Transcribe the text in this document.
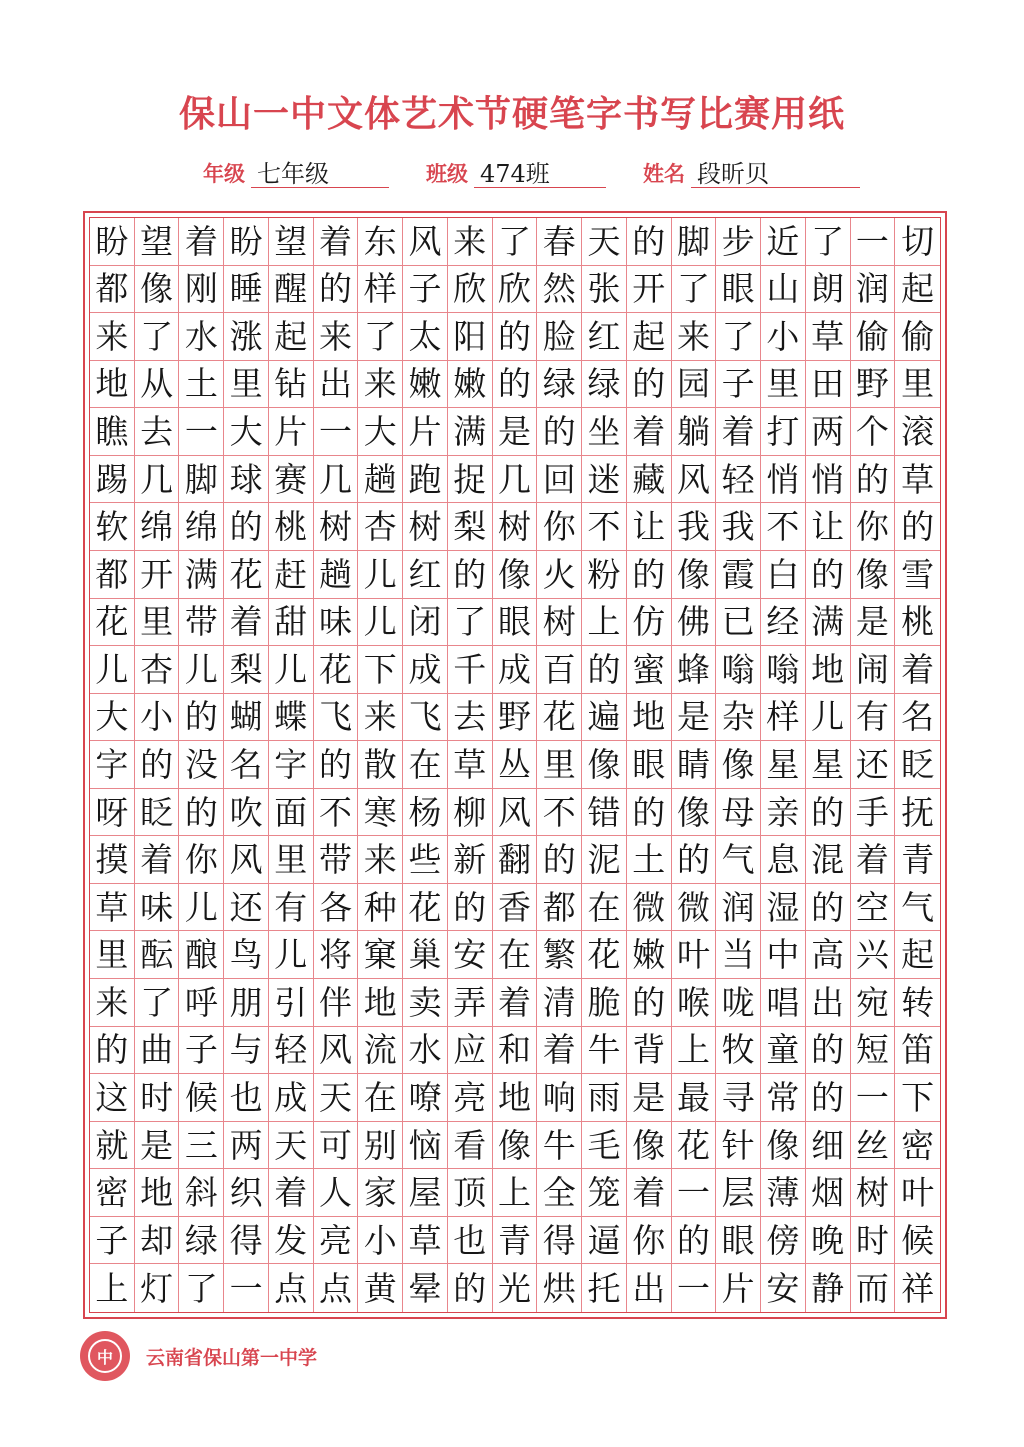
保山一中文体艺术节硬笔字书写比赛用纸
年级 七年级	班级 474班	姓名 段昕贝
盼 望 着 盼 望 着 东 风 来 了 春 天 的 脚 步 近 了 一 切
都 像 刚 睡 醒 的 样 子 欣 欣 然 张 开 了 眼 山 朗 润 起
来 了 水 涨 起 来 了 太 阳 的 脸 红 起 来 了 小 草 偷 偷
地 从 土 里 钻 出 来 嫩 嫩 的 绿 绿 的 园 子 里 田 野 里
瞧 去 一 大 片 一 大 片 满 是 的 坐 着 躺 着 打 两 个 滚
踢 几 脚 球 赛 几 趟 跑 捉 几 回 迷 藏 风 轻 悄 悄 的 草
软 绵 绵 的 桃 树 杏 树 梨 树 你 不 让 我 我 不 让 你 的
都 开 满 花 赶 趟 儿 红 的 像 火 粉 的 像 霞 白 的 像 雪
花 里 带 着 甜 味 儿 闭 了 眼 树 上 仿 佛 已 经 满 是 桃
儿 杏 儿 梨 儿 花 下 成 千 成 百 的 蜜 蜂 嗡 嗡 地 闹 着
大 小 的 蝴 蝶 飞 来 飞 去 野 花 遍 地 是 杂 样 儿 有 名
字 的 没 名 字 的 散 在 草 丛 里 像 眼 睛 像 星 星 还 眨
呀 眨 的 吹 面 不 寒 杨 柳 风 不 错 的 像 母 亲 的 手 抚
摸 着 你 风 里 带 来 些 新 翻 的 泥 土 的 气 息 混 着 青
草 味 儿 还 有 各 种 花 的 香 都 在 微 微 润 湿 的 空 气
里 酝 酿 鸟 儿 将 窠 巢 安 在 繁 花 嫩 叶 当 中 高 兴 起
来 了 呼 朋 引 伴 地 卖 弄 着 清 脆 的 喉 咙 唱 出 宛 转
的 曲 子 与 轻 风 流 水 应 和 着 牛 背 上 牧 童 的 短 笛
这 时 候 也 成 天 在 嘹 亮 地 响 雨 是 最 寻 常 的 一 下
就 是 三 两 天 可 别 恼 看 像 牛 毛 像 花 针 像 细 丝 密
密 地 斜 织 着 人 家 屋 顶 上 全 笼 着 一 层 薄 烟 树 叶
子 却 绿 得 发 亮 小 草 也 青 得 逼 你 的 眼 傍 晚 时 候
上 灯 了 一 点 点 黄 晕 的 光 烘 托 出 一 片 安 静 而 祥
中	云南省保山第一中学
